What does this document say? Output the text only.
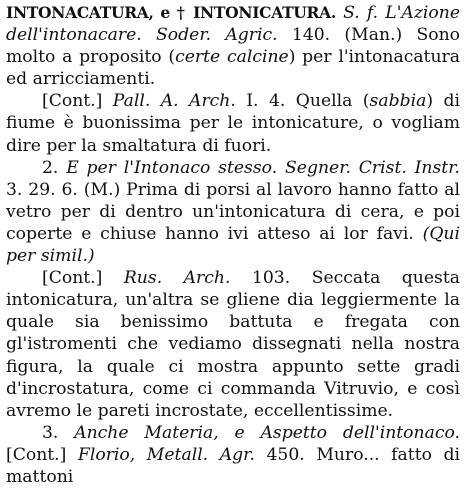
INTONACATURA, e † INTONICATURA. S. f. L'Azione dell'intonacare. Soder. Agric. 140. (Man.) Sono molto a proposito (certe calcine) per l'intonacatura ed arricciamenti.

[Cont.] Pall. A. Arch. I. 4. Quella (sabbia) di fiume è buonissima per le intonicature, o vogliam dire per la smaltatura di fuori.

2. E per l'Intonaco stesso. Segner. Crist. Instr. 3. 29. 6. (M.) Prima di porsi al lavoro hanno fatto al vetro per di dentro un'intonicatura di cera, e poi coperte e chiuse hanno ivi atteso ai lor favi. (Qui per simil.)

[Cont.] Rus. Arch. 103. Seccata questa intonicatura, un'altra se gliene dia leggiermente la quale sia benissimo battuta e fregata con gl'istromenti che vediamo dissegnati nella nostra figura, la quale ci mostra appunto sette gradi d'incrostatura, come ci commanda Vitruvio, e così avremo le pareti incrostate, eccellentissime.

3. Anche Materia, e Aspetto dell'intonaco. [Cont.] Florio, Metall. Agr. 450. Muro... fatto di mattoni
